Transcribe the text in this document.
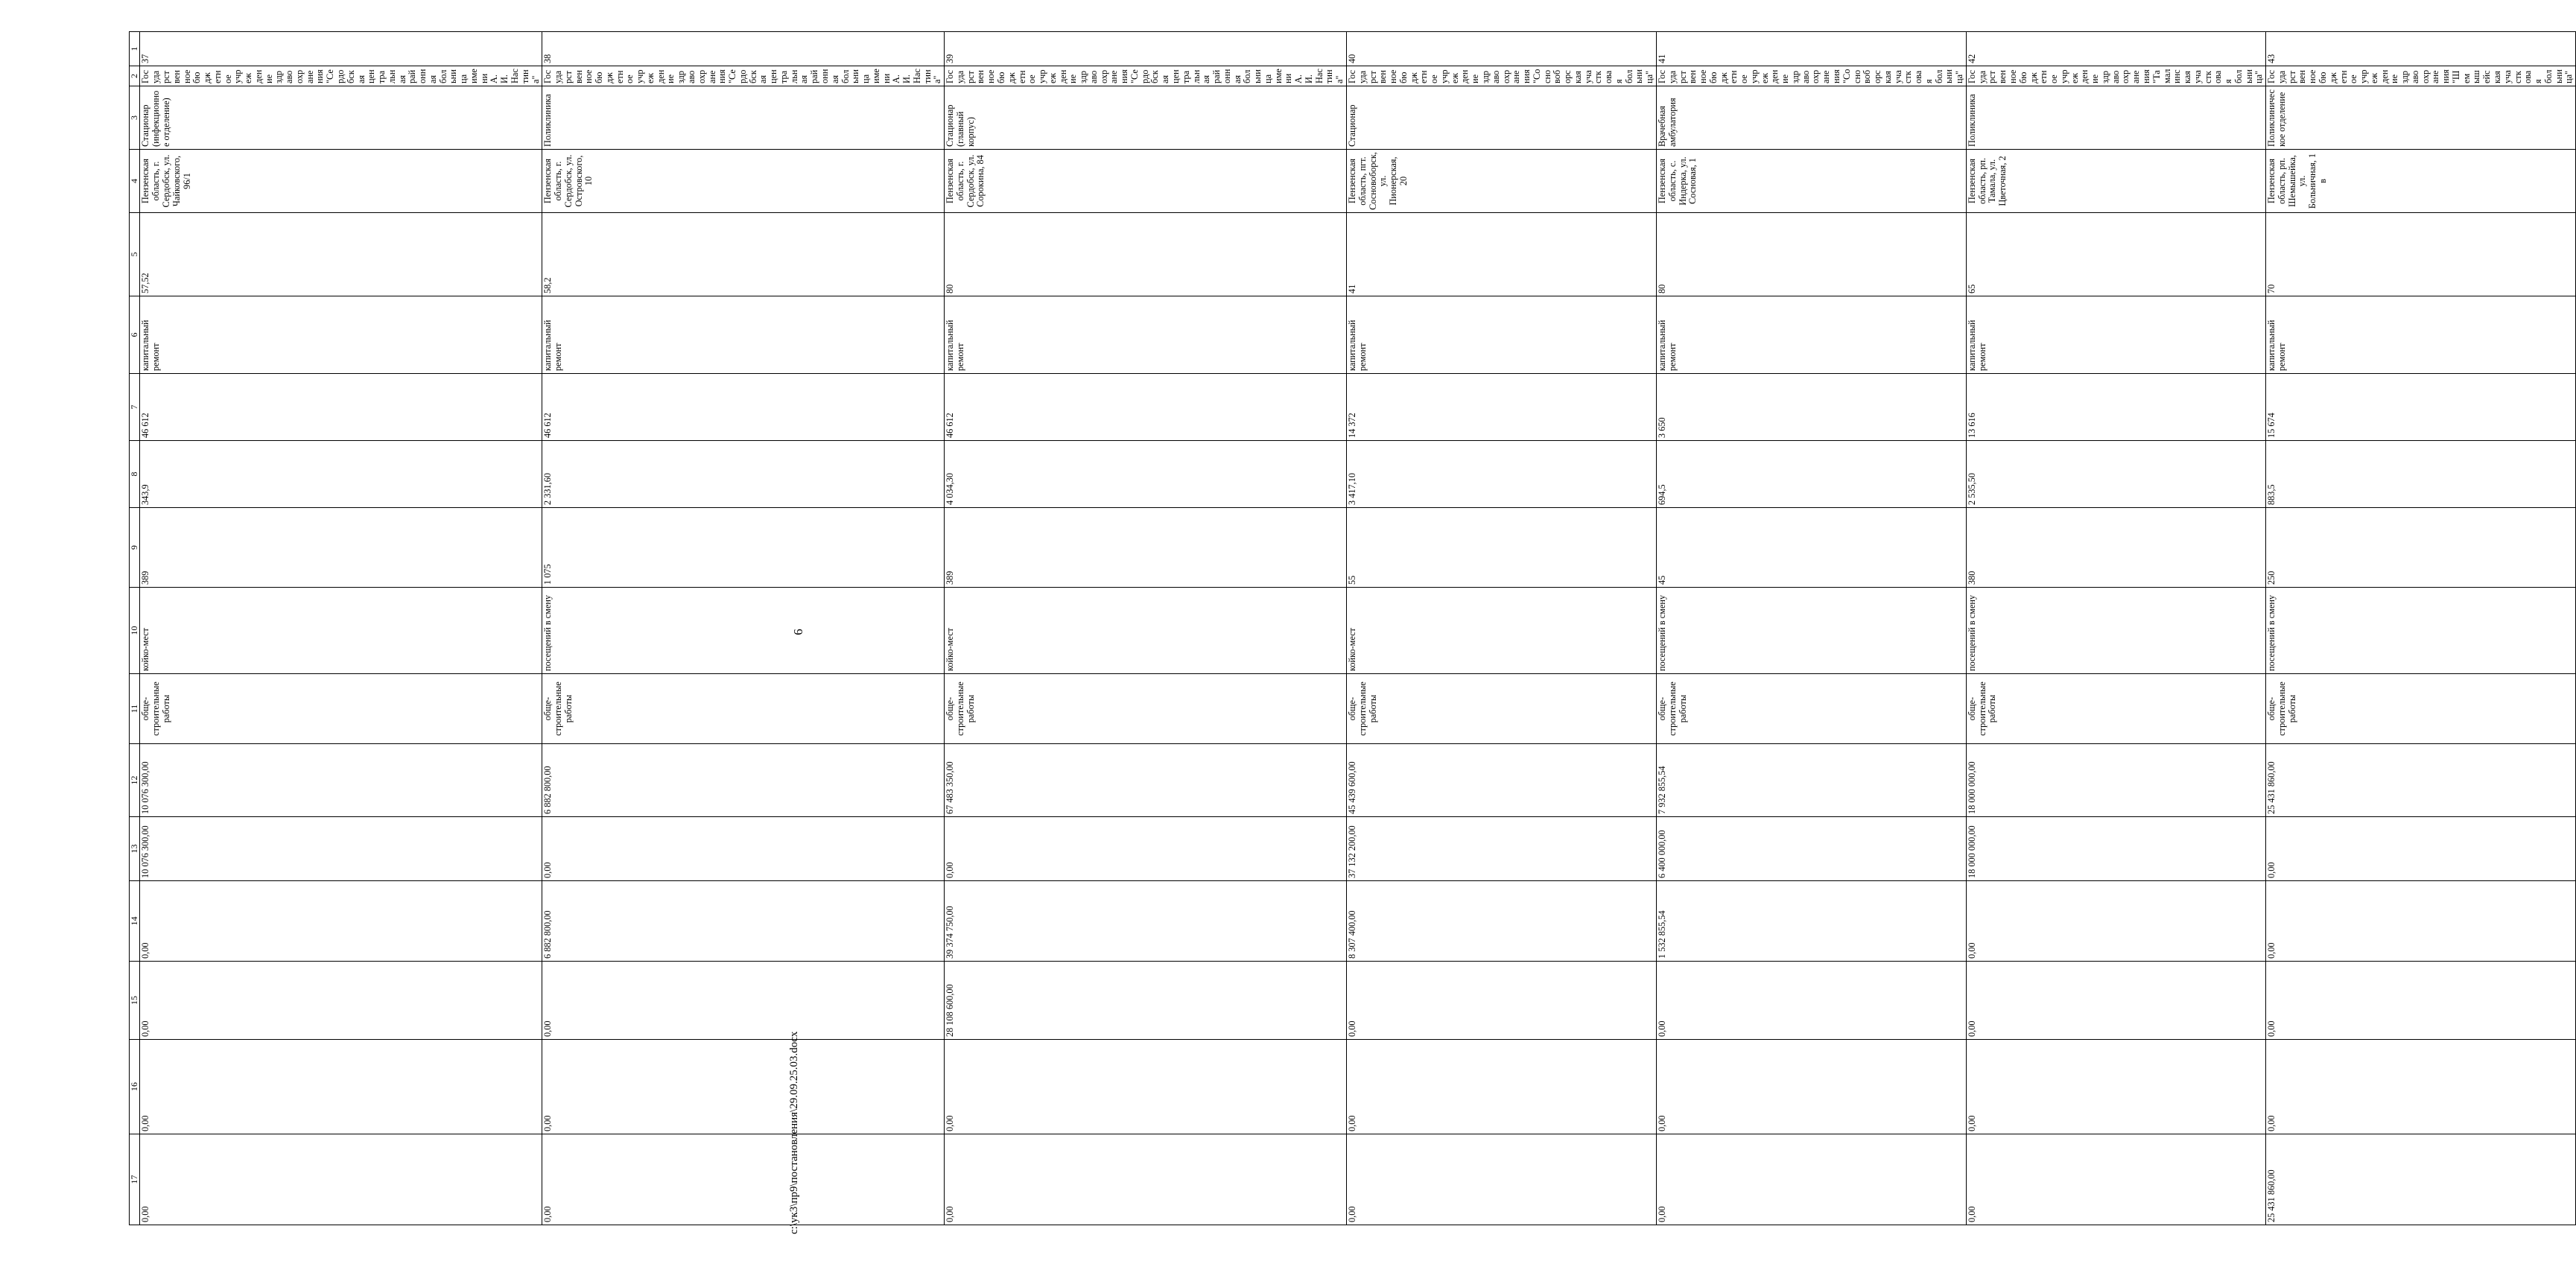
6
17	16	15	14	13	12	11	10	9	8	7	6	5	4	3	2	1
0,00	0,00	0,00	0,00	10 076 300,00	10 076 300,00	обще-строительные работы	койко-мест	389	343,9	46 612	капитальный ремонт	57,52	Пензенская область, г. Сердобск, ул. Чайковского, 96/1	Стационар (инфекционное отделение)	Государственное бюджетное учреждение здравоохранения "Сердобская центральная районная больница имени А.И.Настина"	37
0,00	0,00	0,00	6 882 800,00	0,00	6 882 800,00	обще-строительные работы	посещений в смену	1 075	2 331,60	46 612	капитальный ремонт	58,2	Пензенская область, г. Сердобск, ул. Островского, 10	Поликлиника	Государственное бюджетное учреждение здравоохранения "Сердобская центральная районная больница имени А.И.Настина"	38
0,00	0,00	28 108 600,00	39 374 750,00	0,00	67 483 350,00	обще-строительные работы	койко-мест	389	4 034,30	46 612	капитальный ремонт	80	Пензенская область, г. Сердобск, ул. Сорокина, 84	Стационар (главный корпус)	Государственное бюджетное учреждение здравоохранения "Сердобская центральная районная больница имени А.И.Настина"	39
0,00	0,00	0,00	8 307 400,00	37 132 200,00	45 439 600,00	обще-строительные работы	койко-мест	55	3 417,10	14 372	капитальный ремонт	41	Пензенская область, пгт. Сосновоборск, ул. Пионерская, 20	Стационар	Государственное бюджетное учреждение здравоохранения "Сосновоборская участковая больница"	40
0,00	0,00	0,00	1 532 855,54	6 400 000,00	7 932 855,54	обще-строительные работы	посещений в смену	45	694,5	3 650	капитальный ремонт	80	Пензенская область, с. Индерка, ул. Сосновая, 1	Врачебная амбулатория	Государственное бюджетное учреждение здравоохранения "Сосновоборская участковая больница"	41
0,00	0,00	0,00	0,00	18 000 000,00	18 000 000,00	обще-строительные работы	посещений в смену	380	2 535,50	13 616	капитальный ремонт	65	Пензенская область, рп. Тамала, ул. Цветочная, 2	Поликлиника	Государственное бюджетное учреждение здравоохранения "Тамалинская участковая больница"	42
25 431 860,00	0,00	0,00	0,00	0,00	25 431 860,00	обще-строительные работы	посещений в смену	250	883,5	15 674	капитальный ремонт	70	Пензенская область, рп. Шемышейка, ул. Больничная, 1 в	Поликлиническое отделение	Государственное бюджетное учреждение здравоохранения "Шемышейская участковая больница"	43
c:\ук3\пр9\постановления\29.09.25.03.docx
